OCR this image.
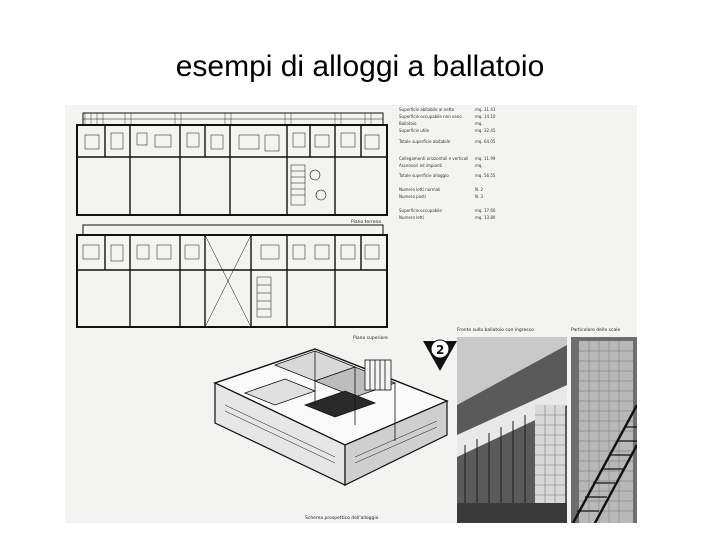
esempi di alloggi a ballatoio
Piano terreno
Piano superiore
Superficie abitabile al netto	mq. 31.41
Superficie occupabile non vano	mq. 14.10
Ballatoio	mq.
Superficie utile	mq. 32.45
Totale superficie abitabile	mq. 64.05
Collegamenti orizzontali e verticali mq. 11.99
Ascensori ed impianti	mq.
Totale superficie alloggio	mq. 56.55
Numero letti normali	N. 2
Numero posti	N. 3
Superficie occupabile	mq. 17.60
Numero letti	mq. 13.80
Schema prospettico dell'alloggio
2
Fronte sulla ballatoio con ingresso	Particolare delle scale
